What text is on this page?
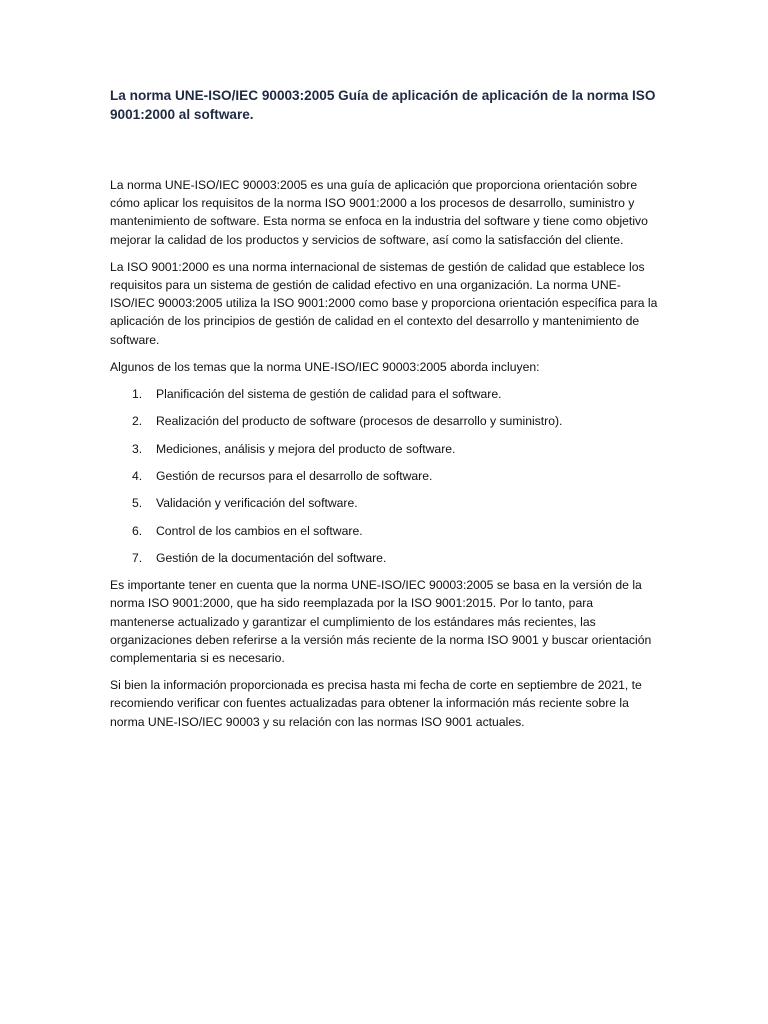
La norma UNE-ISO/IEC 90003:2005 Guía de aplicación de aplicación de la norma ISO 9001:2000 al software.

La norma UNE-ISO/IEC 90003:2005 es una guía de aplicación que proporciona orientación sobre cómo aplicar los requisitos de la norma ISO 9001:2000 a los procesos de desarrollo, suministro y mantenimiento de software. Esta norma se enfoca en la industria del software y tiene como objetivo mejorar la calidad de los productos y servicios de software, así como la satisfacción del cliente.

La ISO 9001:2000 es una norma internacional de sistemas de gestión de calidad que establece los requisitos para un sistema de gestión de calidad efectivo en una organización. La norma UNE-ISO/IEC 90003:2005 utiliza la ISO 9001:2000 como base y proporciona orientación específica para la aplicación de los principios de gestión de calidad en el contexto del desarrollo y mantenimiento de software.

Algunos de los temas que la norma UNE-ISO/IEC 90003:2005 aborda incluyen:

1.	Planificación del sistema de gestión de calidad para el software.
2.	Realización del producto de software (procesos de desarrollo y suministro).
3.	Mediciones, análisis y mejora del producto de software.
4.	Gestión de recursos para el desarrollo de software.
5.	Validación y verificación del software.
6.	Control de los cambios en el software.
7.	Gestión de la documentación del software.

Es importante tener en cuenta que la norma UNE-ISO/IEC 90003:2005 se basa en la versión de la norma ISO 9001:2000, que ha sido reemplazada por la ISO 9001:2015. Por lo tanto, para mantenerse actualizado y garantizar el cumplimiento de los estándares más recientes, las organizaciones deben referirse a la versión más reciente de la norma ISO 9001 y buscar orientación complementaria si es necesario.

Si bien la información proporcionada es precisa hasta mi fecha de corte en septiembre de 2021, te recomiendo verificar con fuentes actualizadas para obtener la información más reciente sobre la norma UNE-ISO/IEC 90003 y su relación con las normas ISO 9001 actuales.
